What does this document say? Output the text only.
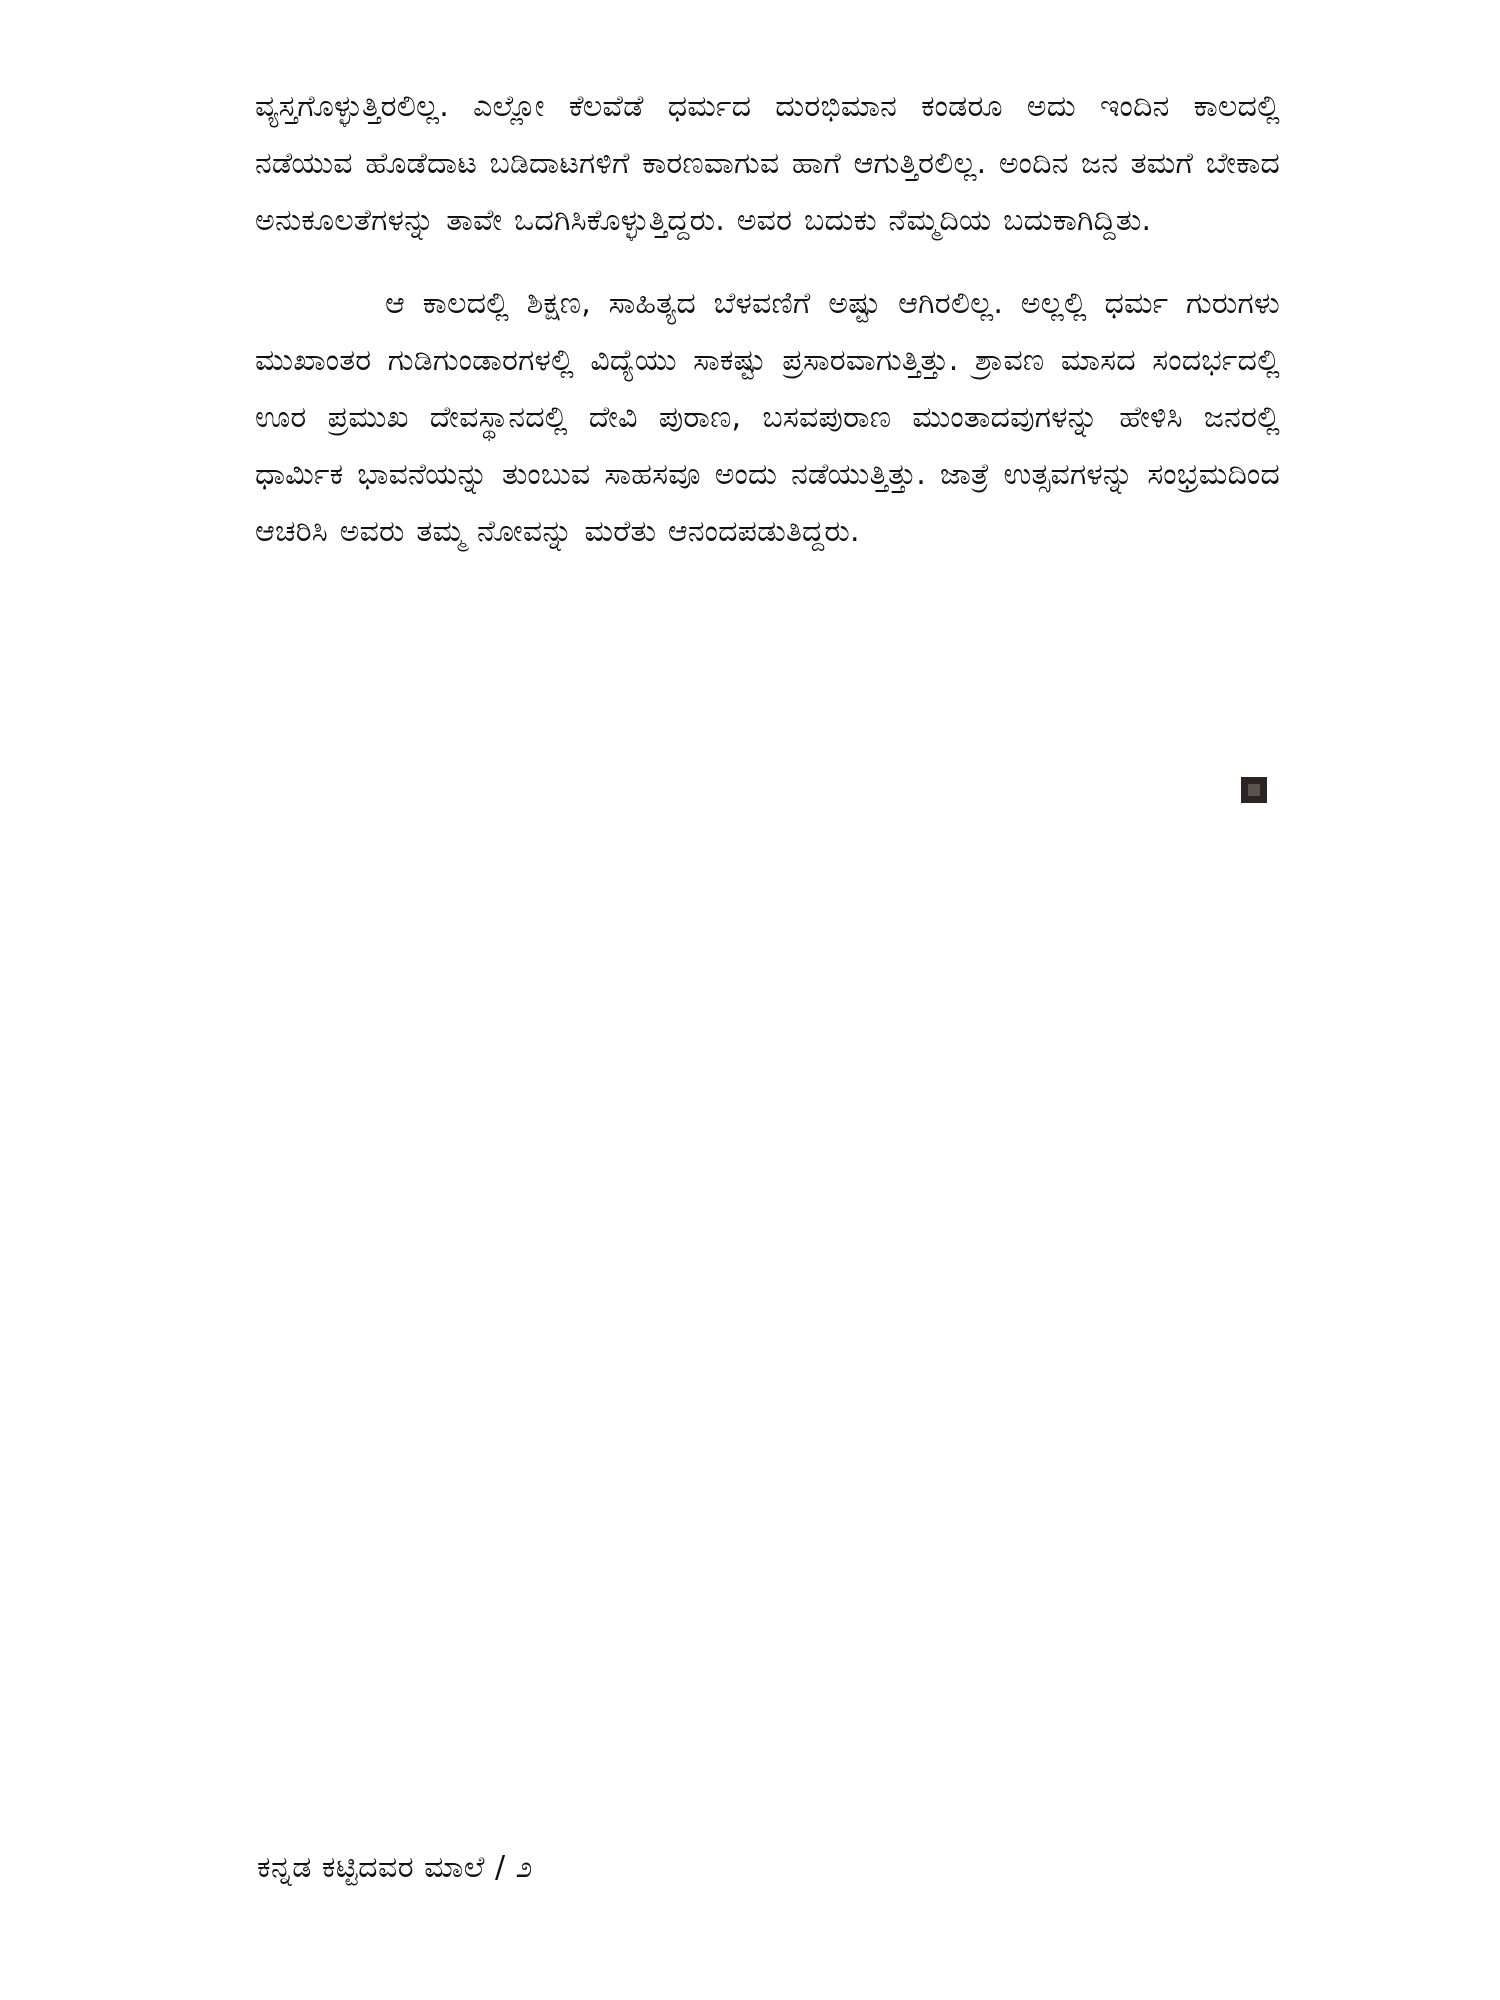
ವ್ಯಸ್ತಗೊಳ್ಳುತ್ತಿರಲಿಲ್ಲ. ಎಲ್ಲೋ ಕೆಲವೆಡೆ ಧರ್ಮದ ದುರಭಿಮಾನ ಕಂಡರೂ ಅದು ಇಂದಿನ ಕಾಲದಲ್ಲಿ ನಡೆಯುವ ಹೊಡೆದಾಟ ಬಡಿದಾಟಗಳಿಗೆ ಕಾರಣವಾಗುವ ಹಾಗೆ ಆಗುತ್ತಿರಲಿಲ್ಲ. ಅಂದಿನ ಜನ ತಮಗೆ ಬೇಕಾದ ಅನುಕೂಲತೆಗಳನ್ನು ತಾವೇ ಒದಗಿಸಿಕೊಳ್ಳುತ್ತಿದ್ದರು. ಅವರ ಬದುಕು ನೆಮ್ಮದಿಯ ಬದುಕಾಗಿದ್ದಿತು.

ಆ ಕಾಲದಲ್ಲಿ ಶಿಕ್ಷಣ, ಸಾಹಿತ್ಯದ ಬೆಳವಣಿಗೆ ಅಷ್ಟು ಆಗಿರಲಿಲ್ಲ. ಅಲ್ಲಲ್ಲಿ ಧರ್ಮ ಗುರುಗಳು ಮುಖಾಂತರ ಗುಡಿಗುಂಡಾರಗಳಲ್ಲಿ ವಿದ್ಯೆಯು ಸಾಕಷ್ಟು ಪ್ರಸಾರವಾಗುತ್ತಿತ್ತು. ಶ್ರಾವಣ ಮಾಸದ ಸಂದರ್ಭದಲ್ಲಿ ಊರ ಪ್ರಮುಖ ದೇವಸ್ಥಾನದಲ್ಲಿ ದೇವಿ ಪುರಾಣ, ಬಸವಪುರಾಣ ಮುಂತಾದವುಗಳನ್ನು ಹೇಳಿಸಿ ಜನರಲ್ಲಿ ಧಾರ್ಮಿಕ ಭಾವನೆಯನ್ನು ತುಂಬುವ ಸಾಹಸವೂ ಅಂದು ನಡೆಯುತ್ತಿತ್ತು. ಜಾತ್ರೆ ಉತ್ಸವಗಳನ್ನು ಸಂಭ್ರಮದಿಂದ ಆಚರಿಸಿ ಅವರು ತಮ್ಮ ನೋವನ್ನು ಮರೆತು ಆನಂದಪಡುತಿದ್ದರು.

ಕನ್ನಡ ಕಟ್ಟಿದವರ ಮಾಲೆ / ೨
